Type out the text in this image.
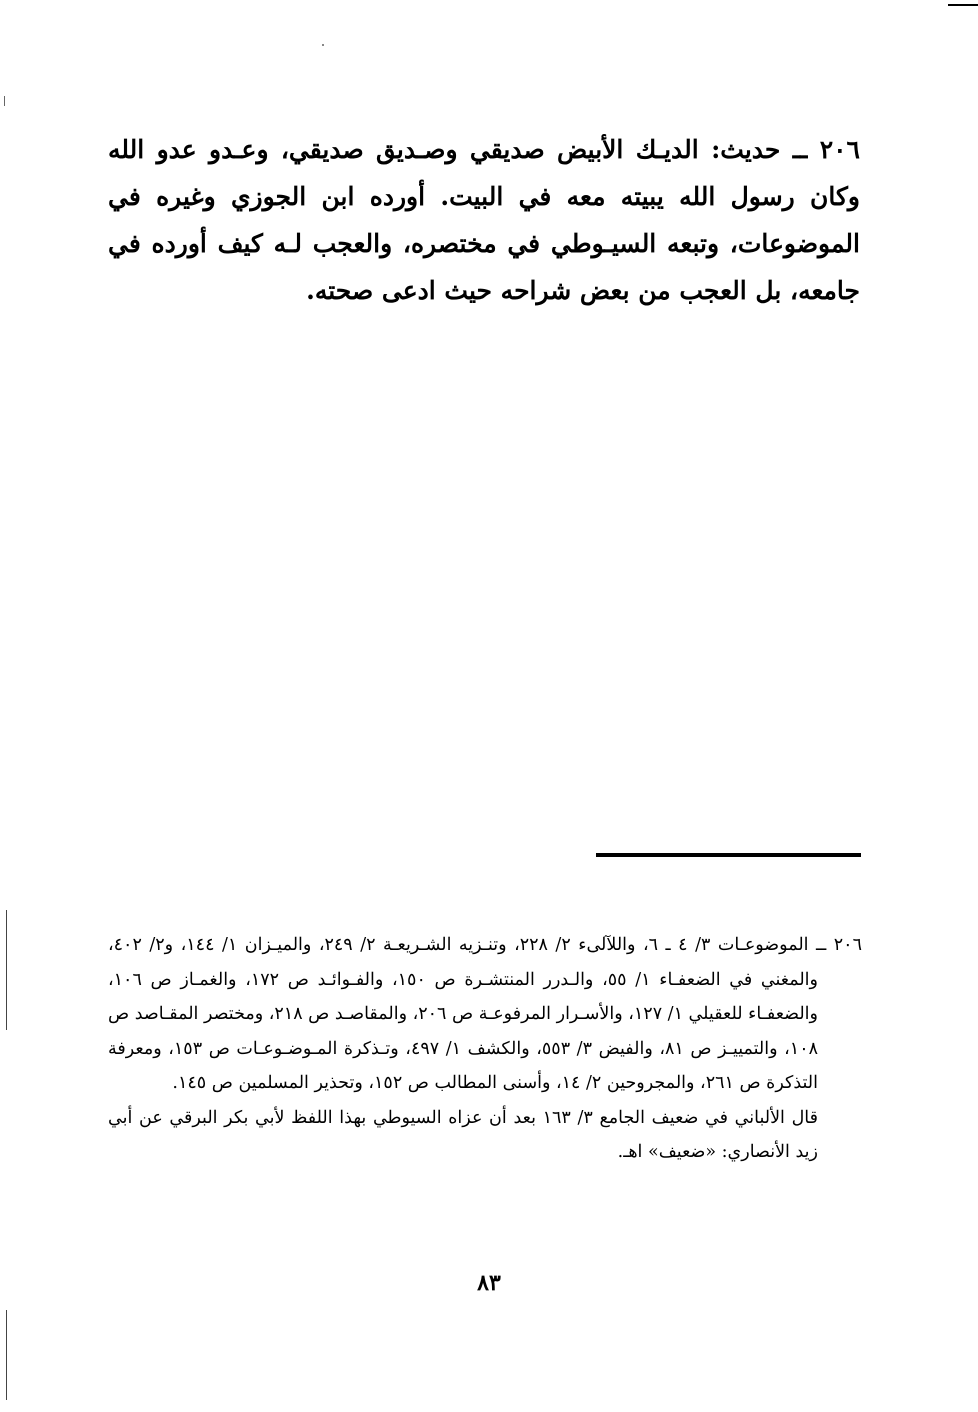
٢٠٦ ــ حديث: الديـك الأبيض صديقي وصـديق صديقي، وعـدو عدو الله وكان رسول الله يبيته معه في البيت. أورده ابن الجوزي وغيره في الموضوعات، وتبعه السيـوطي في مختصره، والعجب لـه كيف أورده في جامعه، بل العجب من بعض شراحه حيث ادعى صحته.
٢٠٦ ــ الموضوعـات ٣/ ٤ ـ ٦، واللآلىء ٢/ ٢٢٨، وتنـزيه الشـريعـة ٢/ ٢٤٩، والميـزان ١/ ١٤٤، و٢/ ٤٠٢، والمغني في الضعفـاء ١/ ٥٥، والـدرر المنتشـرة ص ١٥٠، والفـوائـد ص ١٧٢، والغمـاز ص ١٠٦، والضعفـاء للعقيلي ١/ ١٢٧، والأسـرار المرفوعـة ص ٢٠٦، والمقاصـد ص ٢١٨، ومختصر المقـاصد ص ١٠٨، والتمييـز ص ٨١، والفيض ٣/ ٥٥٣، والكشف ١/ ٤٩٧، وتـذكرة المـوضـوعـات ص ١٥٣، ومعرفة التذكرة ص ٢٦١، والمجروحين ٢/ ١٤، وأسنى المطالب ص ١٥٢، وتحذير المسلمين ص ١٤٥.
قال الألباني في ضعيف الجامع ٣/ ١٦٣ بعد أن عزاه السيوطي بهذا اللفظ لأبي بكر البرقي عن أبي زيد الأنصاري: «ضعيف» اهـ.
٨٣
